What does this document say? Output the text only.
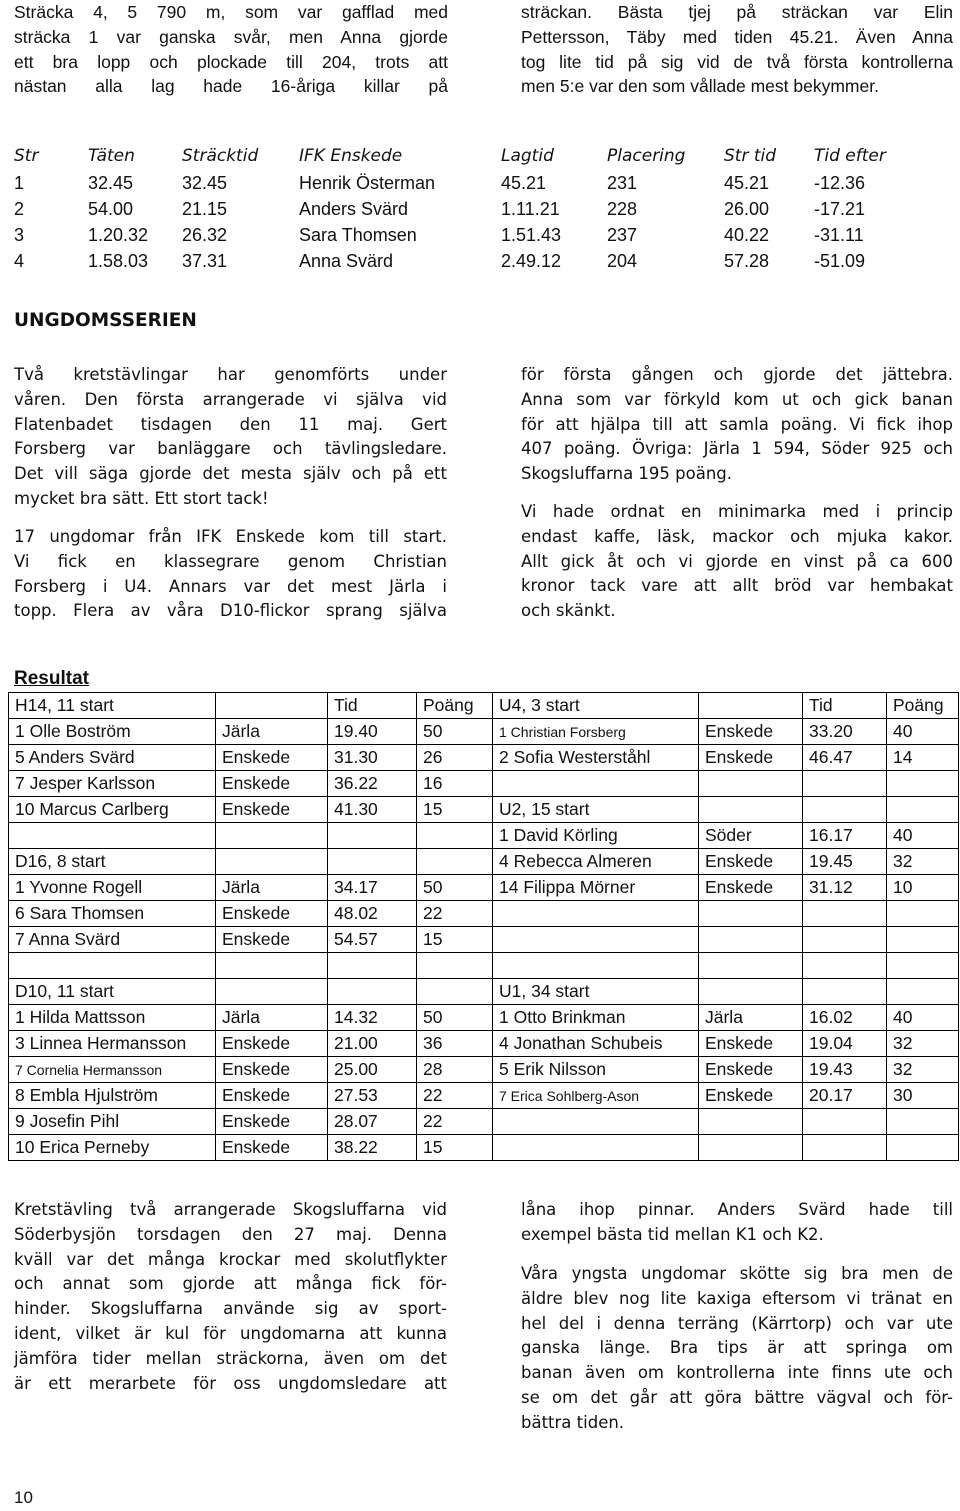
Sträcka 4, 5 790 m, som var gafflad med
sträcka 1 var ganska svår, men Anna gjorde
ett bra lopp och plockade till 204, trots att
nästan alla lag hade 16-åriga killar på
sträckan. Bästa tjej på sträckan var Elin
Pettersson, Täby med tiden 45.21. Även Anna
tog lite tid på sig vid de två första kontrollerna
men 5:e var den som vållade mest bekymmer.
Str	Täten	Sträcktid	IFK Enskede	Lagtid	Placering	Str tid	Tid efter
1	32.45	32.45	Henrik Österman	45.21	231	45.21	-12.36
2	54.00	21.15	Anders Svärd	1.11.21	228	26.00	-17.21
3	1.20.32	26.32	Sara Thomsen	1.51.43	237	40.22	-31.11
4	1.58.03	37.31	Anna Svärd	2.49.12	204	57.28	-51.09
UNGDOMSSERIEN
Två kretstävlingar har genomförts under
våren. Den första arrangerade vi själva vid
Flatenbadet tisdagen den 11 maj. Gert
Forsberg var banläggare och tävlingsledare.
Det vill säga gjorde det mesta själv och på ett
mycket bra sätt. Ett stort tack!
17 ungdomar från IFK Enskede kom till start.
Vi fick en klassegrare genom Christian
Forsberg i U4. Annars var det mest Järla i
topp. Flera av våra D10-flickor sprang själva
för första gången och gjorde det jättebra.
Anna som var förkyld kom ut och gick banan
för att hjälpa till att samla poäng. Vi fick ihop
407 poäng. Övriga: Järla 1 594, Söder 925 och
Skogsluffarna 195 poäng.
Vi hade ordnat en minimarka med i princip
endast kaffe, läsk, mackor och mjuka kakor.
Allt gick åt och vi gjorde en vinst på ca 600
kronor tack vare att allt bröd var hembakat
och skänkt.
Resultat
H14, 11 start		Tid	Poäng	U4, 3 start		Tid	Poäng
1 Olle Boström	Järla	19.40	50	1 Christian Forsberg	Enskede	33.20	40
5 Anders Svärd	Enskede	31.30	26	2 Sofia Westerståhl	Enskede	46.47	14
7 Jesper Karlsson	Enskede	36.22	16				
10 Marcus Carlberg	Enskede	41.30	15	U2, 15 start			
				1 David Körling	Söder	16.17	40
D16, 8 start				4 Rebecca Almeren	Enskede	19.45	32
1 Yvonne Rogell	Järla	34.17	50	14 Filippa Mörner	Enskede	31.12	10
6 Sara Thomsen	Enskede	48.02	22				
7 Anna Svärd	Enskede	54.57	15				

D10, 11 start				U1, 34 start			
1 Hilda Mattsson	Järla	14.32	50	1 Otto Brinkman	Järla	16.02	40
3 Linnea Hermansson	Enskede	21.00	36	4 Jonathan Schubeis	Enskede	19.04	32
7 Cornelia Hermansson	Enskede	25.00	28	5 Erik Nilsson	Enskede	19.43	32
8 Embla Hjulström	Enskede	27.53	22	7 Erica Sohlberg-Ason	Enskede	20.17	30
9 Josefin Pihl	Enskede	28.07	22				
10 Erica Perneby	Enskede	38.22	15				
Kretstävling två arrangerade Skogsluffarna vid
Söderbysjön torsdagen den 27 maj. Denna
kväll var det många krockar med skolutflykter
och annat som gjorde att många fick för-
hinder. Skogsluffarna använde sig av sport-
ident, vilket är kul för ungdomarna att kunna
jämföra tider mellan sträckorna, även om det
är ett merarbete för oss ungdomsledare att
låna ihop pinnar. Anders Svärd hade till
exempel bästa tid mellan K1 och K2.
Våra yngsta ungdomar skötte sig bra men de
äldre blev nog lite kaxiga eftersom vi tränat en
hel del i denna terräng (Kärrtorp) och var ute
ganska länge. Bra tips är att springa om
banan även om kontrollerna inte finns ute och
se om det går att göra bättre vägval och för-
bättra tiden.
10
